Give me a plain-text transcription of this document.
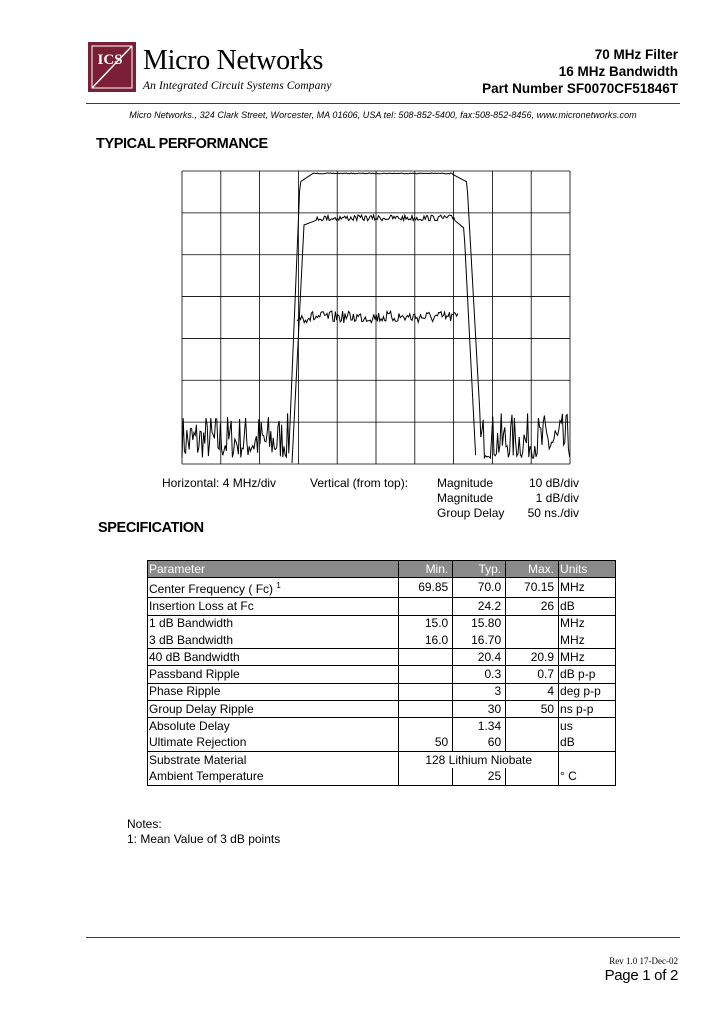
ICS Micro Networks
An Integrated Circuit Systems Company
70 MHz Filter
16 MHz Bandwidth
Part Number SF0070CF51846T
Micro Networks., 324 Clark Street, Worcester, MA 01606, USA tel: 508-852-5400, fax:508-852-8456, www.micronetworks.com
TYPICAL PERFORMANCE
Horizontal: 4 MHz/div	Vertical (from top): Magnitude	10 dB/div
Magnitude	1 dB/div
Group Delay 50 ns./div
SPECIFICATION
Parameter	Min.	Typ.	Max.	Units
Center Frequency ( Fc) $^1$	69.85	70.0	70.15	MHz
Insertion Loss at Fc		24.2	26	dB
1 dB Bandwidth	15.0	15.80		MHz
3 dB Bandwidth	16.0	16.70		MHz
40 dB Bandwidth		20.4	20.9	MHz
Passband Ripple		0.3	0.7	dB p-p
Phase Ripple		3	4	deg p-p
Group Delay Ripple		30	50	ns p-p
Absolute Delay		1.34		us
Ultimate Rejection	50	60		dB
Substrate Material	128 Lithium Niobate			
Ambient Temperature		25		° C
Notes:
1: Mean Value of 3 dB points
Rev 1.0 17-Dec-02
Page 1 of 2
